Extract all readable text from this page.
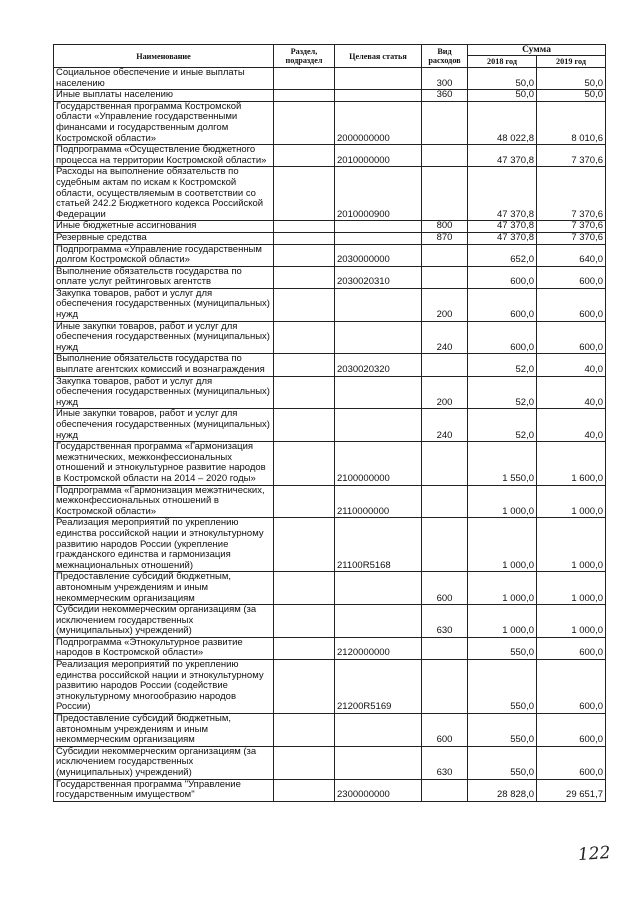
Наименование	Раздел, подраздел	Целевая статья	Вид расходов	Сумма	
				2018 год	2019 год
Социальное обеспечение и иные выплаты населению			300	50,0	50,0
Иные выплаты населению			360	50,0	50,0
Государственная программа Костромской области «Управление государственными финансами и государственным долгом Костромской области»		2000000000		48 022,8	8 010,6
Подпрограмма «Осуществление бюджетного процесса на территории Костромской области»		2010000000		47 370,8	7 370,6
Расходы на выполнение обязательств по судебным актам по искам к Костромской области, осуществляемым в соответствии со статьей 242.2 Бюджетного кодекса Российской Федерации		2010000900		47 370,8	7 370,6
Иные бюджетные ассигнования			800	47 370,8	7 370,6
Резервные средства			870	47 370,8	7 370,6
Подпрограмма «Управление государственным долгом Костромской области»		2030000000		652,0	640,0
Выполнение обязательств государства по оплате услуг рейтинговых агентств		2030020310		600,0	600,0
Закупка товаров, работ и услуг для обеспечения государственных (муниципальных) нужд			200	600,0	600,0
Иные закупки товаров, работ и услуг для обеспечения государственных (муниципальных) нужд			240	600,0	600,0
Выполнение обязательств государства по выплате агентских комиссий и вознаграждения		2030020320		52,0	40,0
Закупка товаров, работ и услуг для обеспечения государственных (муниципальных) нужд			200	52,0	40,0
Иные закупки товаров, работ и услуг для обеспечения государственных (муниципальных) нужд			240	52,0	40,0
Государственная программа «Гармонизация межэтнических, межконфессиональных отношений и этнокультурное развитие народов в Костромской области на 2014 – 2020 годы»		2100000000		1 550,0	1 600,0
Подпрограмма «Гармонизация межэтнических, межконфессиональных отношений в Костромской области»		2110000000		1 000,0	1 000,0
Реализация мероприятий по укреплению единства российской нации и этнокультурному развитию народов России (укрепление гражданского единства и гармонизация межнациональных отношений)		21100R5168		1 000,0	1 000,0
Предоставление субсидий бюджетным, автономным учреждениям и иным некоммерческим организациям			600	1 000,0	1 000,0
Субсидии некоммерческим организациям (за исключением государственных (муниципальных) учреждений)			630	1 000,0	1 000,0
Подпрограмма «Этнокультурное развитие народов в Костромской области»		2120000000		550,0	600,0
Реализация мероприятий по укреплению единства российской нации и этнокультурному развитию народов России (содействие этнокультурному многообразию народов России)		21200R5169		550,0	600,0
Предоставление субсидий бюджетным, автономным учреждениям и иным некоммерческим организациям			600	550,0	600,0
Субсидии некоммерческим организациям (за исключением государственных (муниципальных) учреждений)			630	550,0	600,0
Государственная программа "Управление государственным имуществом"		2300000000		28 828,0	29 651,7
122
